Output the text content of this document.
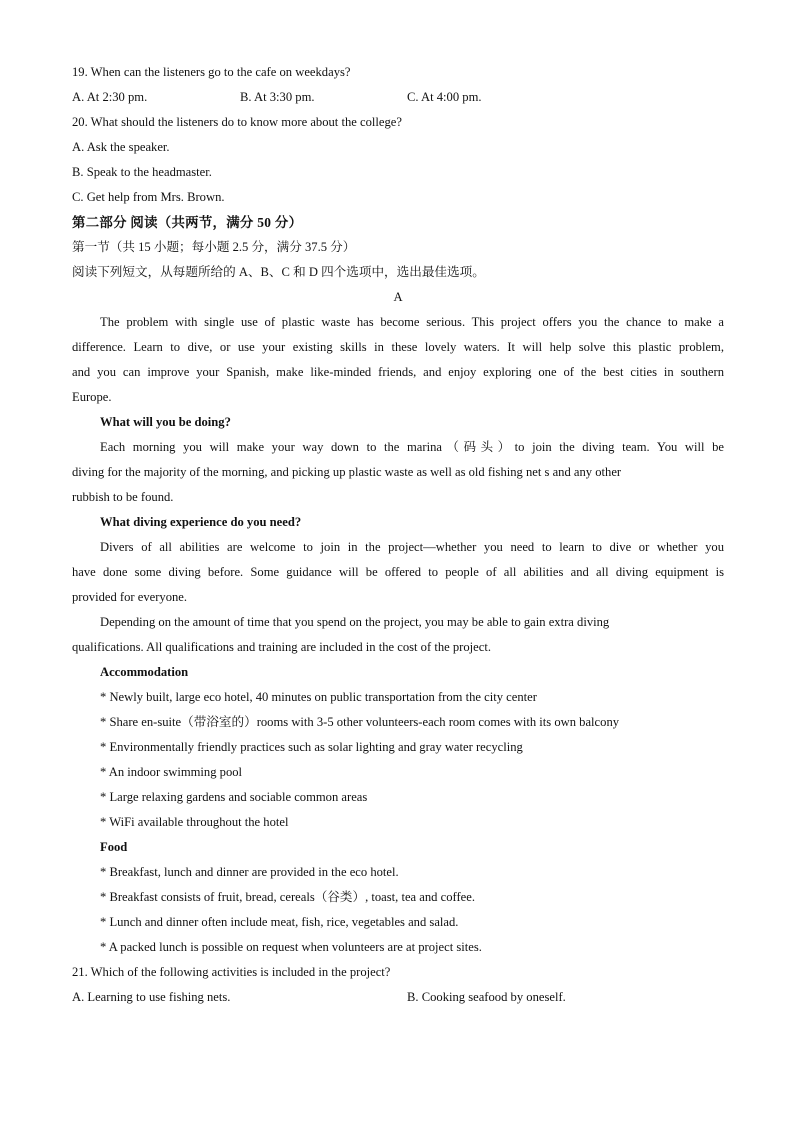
19. When can the listeners go to the cafe on weekdays?
A. At 2:30 pm.	B. At 3:30 pm.	C. At 4:00 pm.
20. What should the listeners do to know more about the college?
A. Ask the speaker.
B. Speak to the headmaster.
C. Get help from Mrs. Brown.
第二部分 阅读（共两节，满分 50 分）
第一节（共 15 小题；每小题 2.5 分，满分 37.5 分）
阅读下列短文，从每题所给的 A、B、C 和 D 四个选项中，选出最佳选项。
A
The problem with single use of plastic waste has become serious. This project offers you the chance to make a
difference. Learn to dive, or use your existing skills in these lovely waters. It will help solve this plastic problem,
and you can improve your Spanish, make like-minded friends, and enjoy exploring one of the best cities in southern
Europe.
What will you be doing?
Each morning you will make your way down to the marina（码头）to join the diving team. You will be
diving for the majority of the morning, and picking up plastic waste as well as old fishing net s and any other
rubbish to be found.
What diving experience do you need?
Divers of all abilities are welcome to join in the project—whether you need to learn to dive or whether you
have done some diving before. Some guidance will be offered to people of all abilities and all diving equipment is
provided for everyone.
Depending on the amount of time that you spend on the project, you may be able to gain extra diving
qualifications. All qualifications and training are included in the cost of the project.
Accommodation
* Newly built, large eco hotel, 40 minutes on public transportation from the city center
* Share en-suite（带浴室的）rooms with 3-5 other volunteers-each room comes with its own balcony
* Environmentally friendly practices such as solar lighting and gray water recycling
* An indoor swimming pool
* Large relaxing gardens and sociable common areas
* WiFi available throughout the hotel
Food
* Breakfast, lunch and dinner are provided in the eco hotel.
* Breakfast consists of fruit, bread, cereals（谷类）, toast, tea and coffee.
* Lunch and dinner often include meat, fish, rice, vegetables and salad.
* A packed lunch is possible on request when volunteers are at project sites.
21. Which of the following activities is included in the project?
A. Learning to use fishing nets.	B. Cooking seafood by oneself.
